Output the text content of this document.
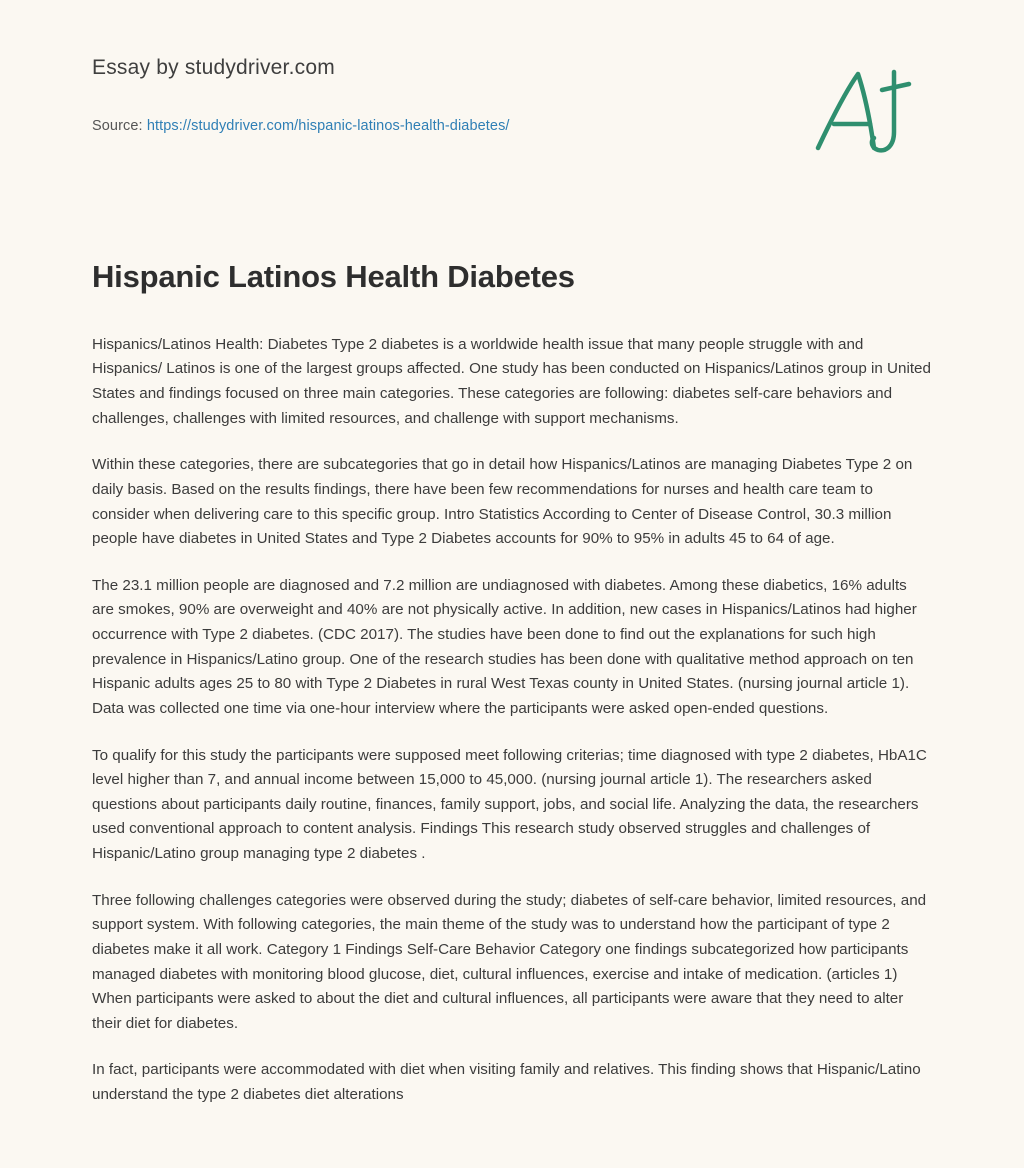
Essay by studydriver.com
Source: https://studydriver.com/hispanic-latinos-health-diabetes/
Hispanic Latinos Health Diabetes

Hispanics/Latinos Health: Diabetes Type 2 diabetes is a worldwide health issue that many people struggle with and Hispanics/ Latinos is one of the largest groups affected. One study has been conducted on Hispanics/Latinos group in United States and findings focused on three main categories. These categories are following: diabetes self-care behaviors and challenges, challenges with limited resources, and challenge with support mechanisms.

Within these categories, there are subcategories that go in detail how Hispanics/Latinos are managing Diabetes Type 2 on daily basis. Based on the results findings, there have been few recommendations for nurses and health care team to consider when delivering care to this specific group. Intro Statistics According to Center of Disease Control, 30.3 million people have diabetes in United States and Type 2 Diabetes accounts for 90% to 95% in adults 45 to 64 of age.

The 23.1 million people are diagnosed and 7.2 million are undiagnosed with diabetes. Among these diabetics, 16% adults are smokes, 90% are overweight and 40% are not physically active. In addition, new cases in Hispanics/Latinos had higher occurrence with Type 2 diabetes. (CDC 2017). The studies have been done to find out the explanations for such high prevalence in Hispanics/Latino group. One of the research studies has been done with qualitative method approach on ten Hispanic adults ages 25 to 80 with Type 2 Diabetes in rural West Texas county in United States. (nursing journal article 1). Data was collected one time via one-hour interview where the participants were asked open-ended questions.

To qualify for this study the participants were supposed meet following criterias; time diagnosed with type 2 diabetes, HbA1C level higher than 7, and annual income between 15,000 to 45,000. (nursing journal article 1). The researchers asked questions about participants daily routine, finances, family support, jobs, and social life. Analyzing the data, the researchers used conventional approach to content analysis. Findings This research study observed struggles and challenges of Hispanic/Latino group managing type 2 diabetes .

Three following challenges categories were observed during the study; diabetes of self-care behavior, limited resources, and support system. With following categories, the main theme of the study was to understand how the participant of type 2 diabetes make it all work. Category 1 Findings Self-Care Behavior Category one findings subcategorized how participants managed diabetes with monitoring blood glucose, diet, cultural influences, exercise and intake of medication. (articles 1) When participants were asked to about the diet and cultural influences, all participants were aware that they need to alter their diet for diabetes.

In fact, participants were accommodated with diet when visiting family and relatives. This finding shows that Hispanic/Latino understand the type 2 diabetes diet alterations
